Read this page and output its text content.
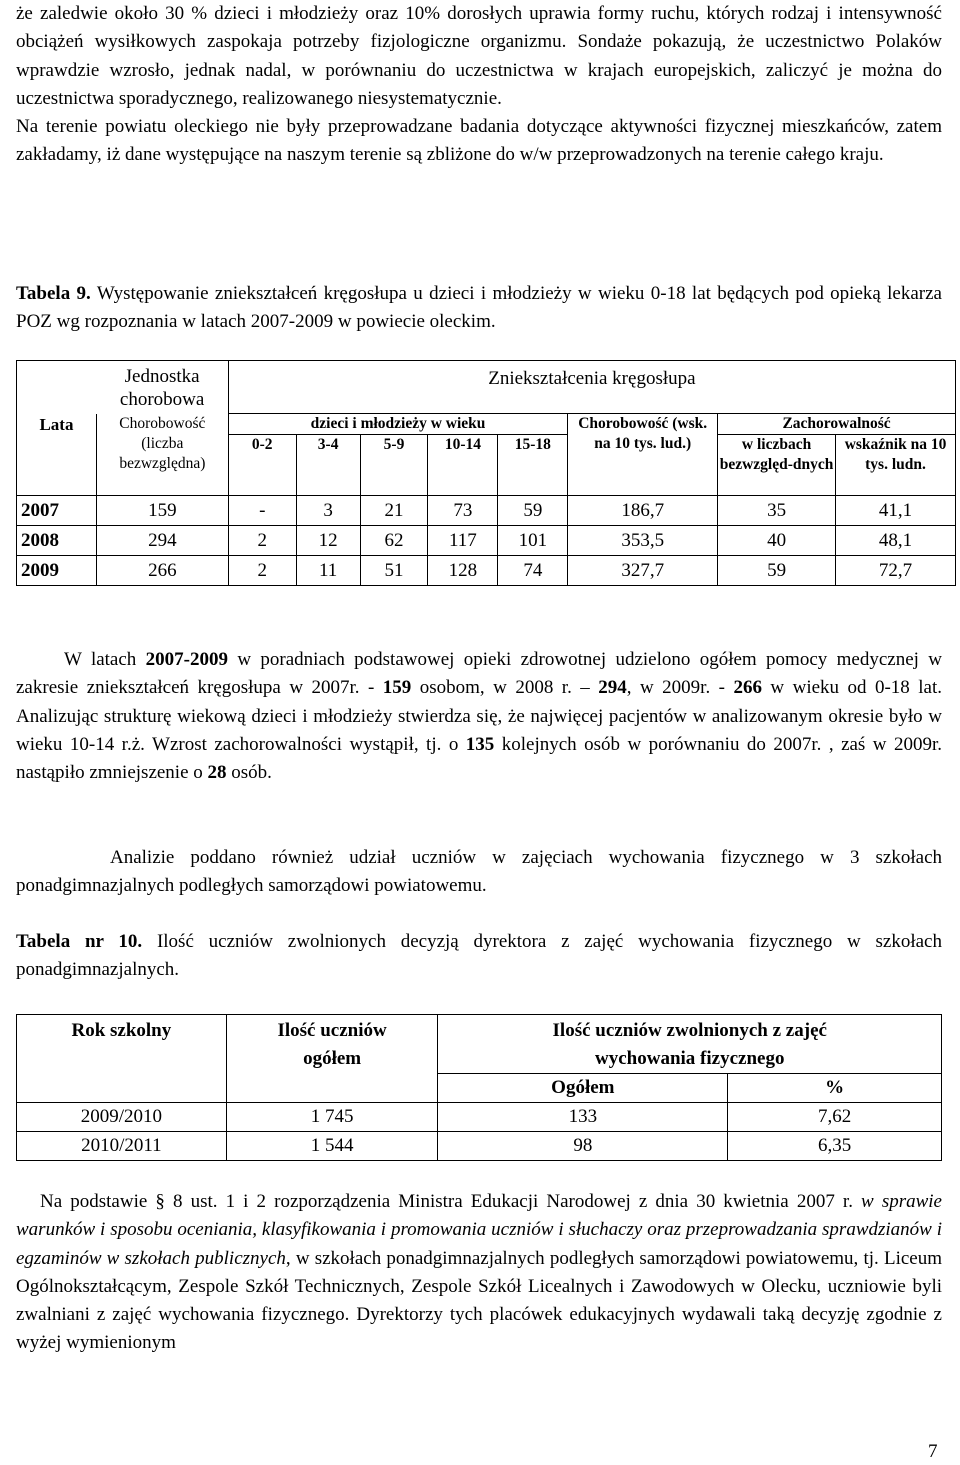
że zaledwie około 30 % dzieci i młodzieży oraz 10% dorosłych uprawia formy ruchu, których rodzaj i intensywność obciążeń wysiłkowych zaspokaja potrzeby fizjologiczne organizmu. Sondaże pokazują, że uczestnictwo Polaków wprawdzie wzrosło, jednak nadal, w porównaniu do uczestnictwa w krajach europejskich, zaliczyć je można do uczestnictwa sporadycznego, realizowanego niesystematycznie.

Na terenie powiatu oleckiego nie były przeprowadzane badania dotyczące aktywności fizycznej mieszkańców, zatem zakładamy, iż dane występujące na naszym terenie są zbliżone do w/w przeprowadzonych na terenie całego kraju.

Tabela 9. Występowanie zniekształceń kręgosłupa u dzieci i młodzieży w wieku 0-18 lat będących pod opieką lekarza POZ wg rozpoznania w latach 2007-2009 w powiecie oleckim.

	Jednostka chorobowa	Zniekształcenia kręgosłupa							

Lata	Chorobowość (liczba bezwzględna)	dzieci i młodzieży w wieku					Chorobowość (wsk. na 10 tys. lud.)	Zachorowalność	
		0-2	3-4	5-9	10-14	15-18		w liczbach bezwzględ-dnych	wskaźnik na 10 tys. ludn.
2007	159	-	3	21	73	59	186,7	35	41,1
2008	294	2	12	62	117	101	353,5	40	48,1
2009	266	2	11	51	128	74	327,7	59	72,7

W latach 2007-2009 w poradniach podstawowej opieki zdrowotnej udzielono ogółem pomocy medycznej w zakresie zniekształceń kręgosłupa w 2007r. - 159 osobom, w 2008 r. – 294, w 2009r. - 266 w wieku od 0-18 lat. Analizując strukturę wiekową dzieci i młodzieży stwierdza się, że najwięcej pacjentów w analizowanym okresie było w wieku 10-14 r.ż. Wzrost zachorowalności wystąpił, tj. o 135 kolejnych osób w porównaniu do 2007r. , zaś w 2009r. nastąpiło zmniejszenie o 28 osób.

Analizie poddano również udział uczniów w zajęciach wychowania fizycznego w 3 szkołach ponadgimnazjalnych podległych samorządowi powiatowemu.

Tabela nr 10. Ilość uczniów zwolnionych decyzją dyrektora z zajęć wychowania fizycznego w szkołach ponadgimnazjalnych.

Rok szkolny	Ilość uczniów ogółem	Ilość uczniów zwolnionych z zajęć wychowania fizycznego	
		Ogółem	%
2009/2010	1 745	133	7,62
2010/2011	1 544	98	6,35

Na podstawie § 8 ust. 1 i 2 rozporządzenia Ministra Edukacji Narodowej z dnia 30 kwietnia 2007 r. w sprawie warunków i sposobu oceniania, klasyfikowania i promowania uczniów i słuchaczy oraz przeprowadzania sprawdzianów i egzaminów w szkołach publicznych, w szkołach ponadgimnazjalnych podległych samorządowi powiatowemu, tj. Liceum Ogólnokształcącym, Zespole Szkół Technicznych, Zespole Szkół Licealnych i Zawodowych w Olecku, uczniowie byli zwalniani z zajęć wychowania fizycznego. Dyrektorzy tych placówek edukacyjnych wydawali taką decyzję zgodnie z wyżej wymienionym

7
